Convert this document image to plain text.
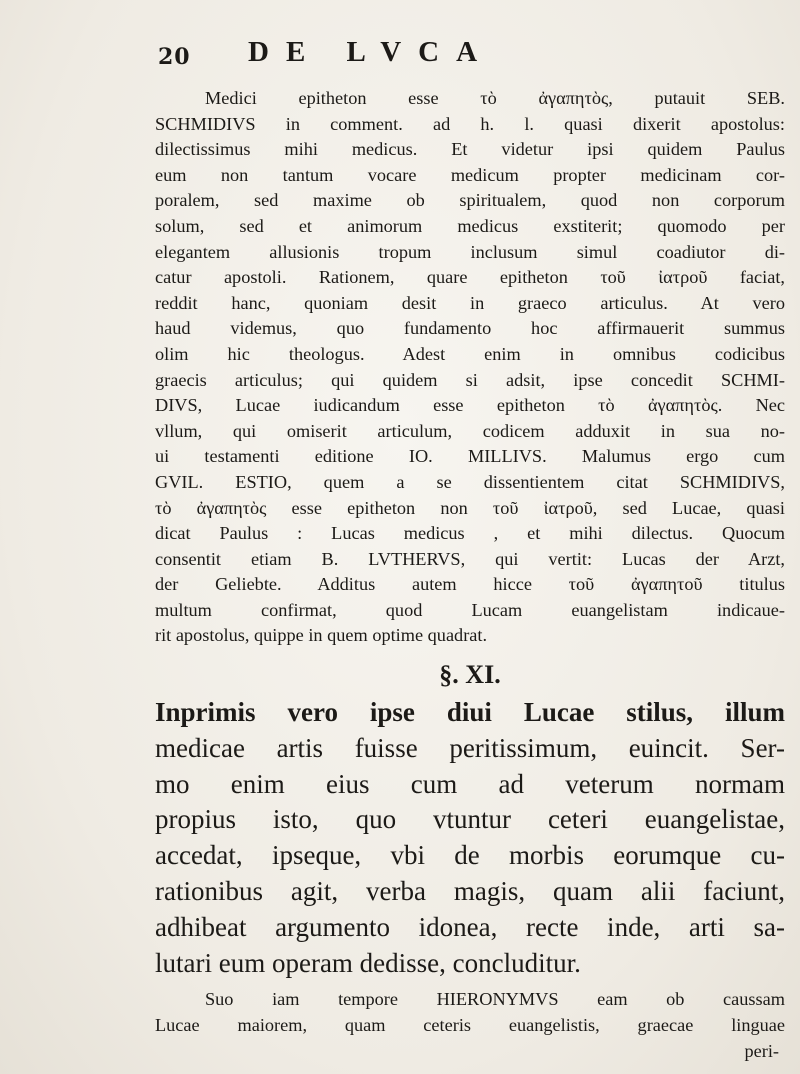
20 DE LVCA

Medici epitheton esse τὸ ἀγαπητὸς, putauit SEB.
SCHMIDIVS in comment. ad h. l. quasi dixerit apostolus:
dilectissimus mihi medicus. Et videtur ipsi quidem Paulus
eum non tantum vocare medicum propter medicinam cor-
poralem, sed maxime ob spiritualem, quod non corporum
solum, sed et animorum medicus exstiterit; quomodo per
elegantem allusionis tropum inclusum simul coadiutor di-
catur apostoli. Rationem, quare epitheton τοῦ ἰατροῦ faciat,
reddit hanc, quoniam desit in graeco articulus. At vero
haud videmus, quo fundamento hoc affirmauerit summus
olim hic theologus. Adest enim in omnibus codicibus
graecis articulus; qui quidem si adsit, ipse concedit SCHMI-
DIVS, Lucae iudicandum esse epitheton τὸ ἀγαπητὸς. Nec
vllum, qui omiserit articulum, codicem adduxit in sua no-
ui testamenti editione IO. MILLIVS. Malumus ergo cum
GVIL. ESTIO, quem a se dissentientem citat SCHMIDIVS,
τὸ ἀγαπητὸς esse epitheton non τοῦ ἰατροῦ, sed Lucae, quasi
dicat Paulus : Lucas medicus , et mihi dilectus. Quocum
consentit etiam B. LVTHERVS, qui vertit: Lucas der Arzt,
der Geliebte. Additus autem hicce τοῦ ἀγαπητοῦ titulus
multum confirmat, quod Lucam euangelistam indicaue-
rit apostolus, quippe in quem optime quadrat.

§. XI.

Inprimis vero ipse diui Lucae stilus, illum
medicae artis fuisse peritissimum, euincit. Ser-
mo enim eius cum ad veterum normam
propius isto, quo vtuntur ceteri euangelistae,
accedat, ipseque, vbi de morbis eorumque cu-
rationibus agit, verba magis, quam alii faciunt,
adhibeat argumento idonea, recte inde, arti sa-
lutari eum operam dedisse, concluditur.

Suo iam tempore HIERONYMVS eam ob caussam
Lucae maiorem, quam ceteris euangelistis, graecae linguae
peri-
